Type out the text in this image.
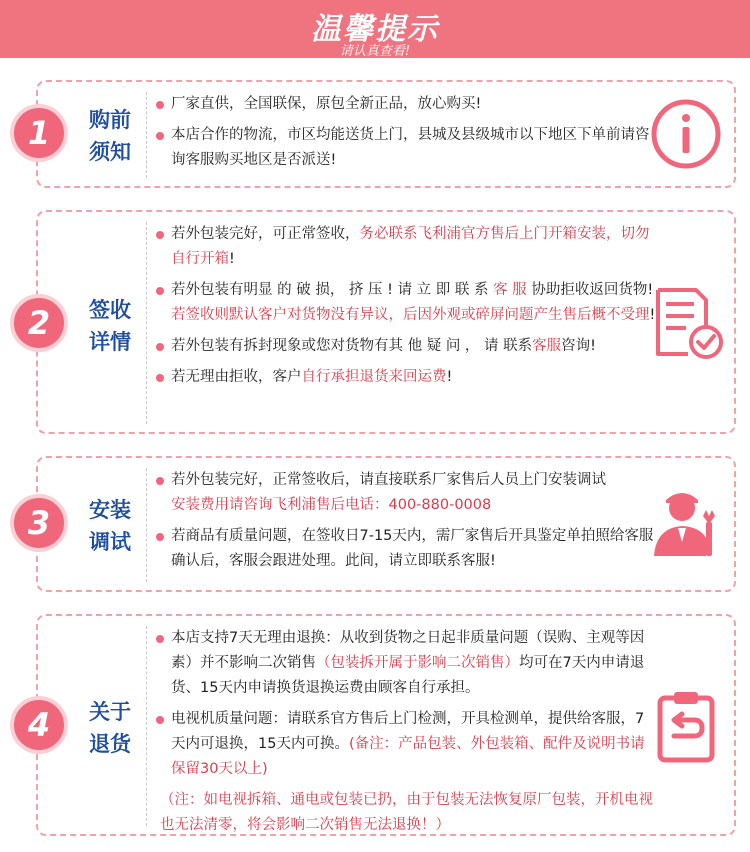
温馨提示
请认真查看!
1	购前
须知
厂家直供，全国联保，原包全新正品，放心购买!
本店合作的物流，市区均能送货上门，县城及县级城市以下地区下单前请咨询客服购买地区是否派送!
2	签收
详情
若外包装完好，可正常签收，务必联系飞利浦官方售后上门开箱安装，切勿自行开箱!
若外包装有明显 的 破 损， 挤 压 ! 请 立 即 联 系 客 服 协助拒收返回货物!若签收则默认客户对货物没有异议，后因外观或碎屏问题产生售后概不受理!
若外包装有拆封现象或您对货物有其 他 疑 问 ， 请 联系客服咨询!
若无理由拒收，客户自行承担退货来回运费!
3	安装
调试
若外包装完好，正常签收后，请直接联系厂家售后人员上门安装调试
安装费用请咨询飞利浦售后电话：400-880-0008
若商品有质量问题，在签收日7-15天内，需厂家售后开具鉴定单拍照给客服确认后，客服会跟进处理。此间，请立即联系客服!
4	关于
退货
本店支持7天无理由退换：从收到货物之日起非质量问题（误购、主观等因素）并不影响二次销售（包装拆开属于影响二次销售）均可在7天内申请退货、15天内申请换货退换运费由顾客自行承担。
电视机质量问题：请联系官方售后上门检测，开具检测单，提供给客服，7天内可退换，15天内可换。(备注：产品包装、外包装箱、配件及说明书请保留30天以上)
（注：如电视拆箱、通电或包装已扔，由于包装无法恢复原厂包装，开机电视也无法清零，将会影响二次销售无法退换！）
